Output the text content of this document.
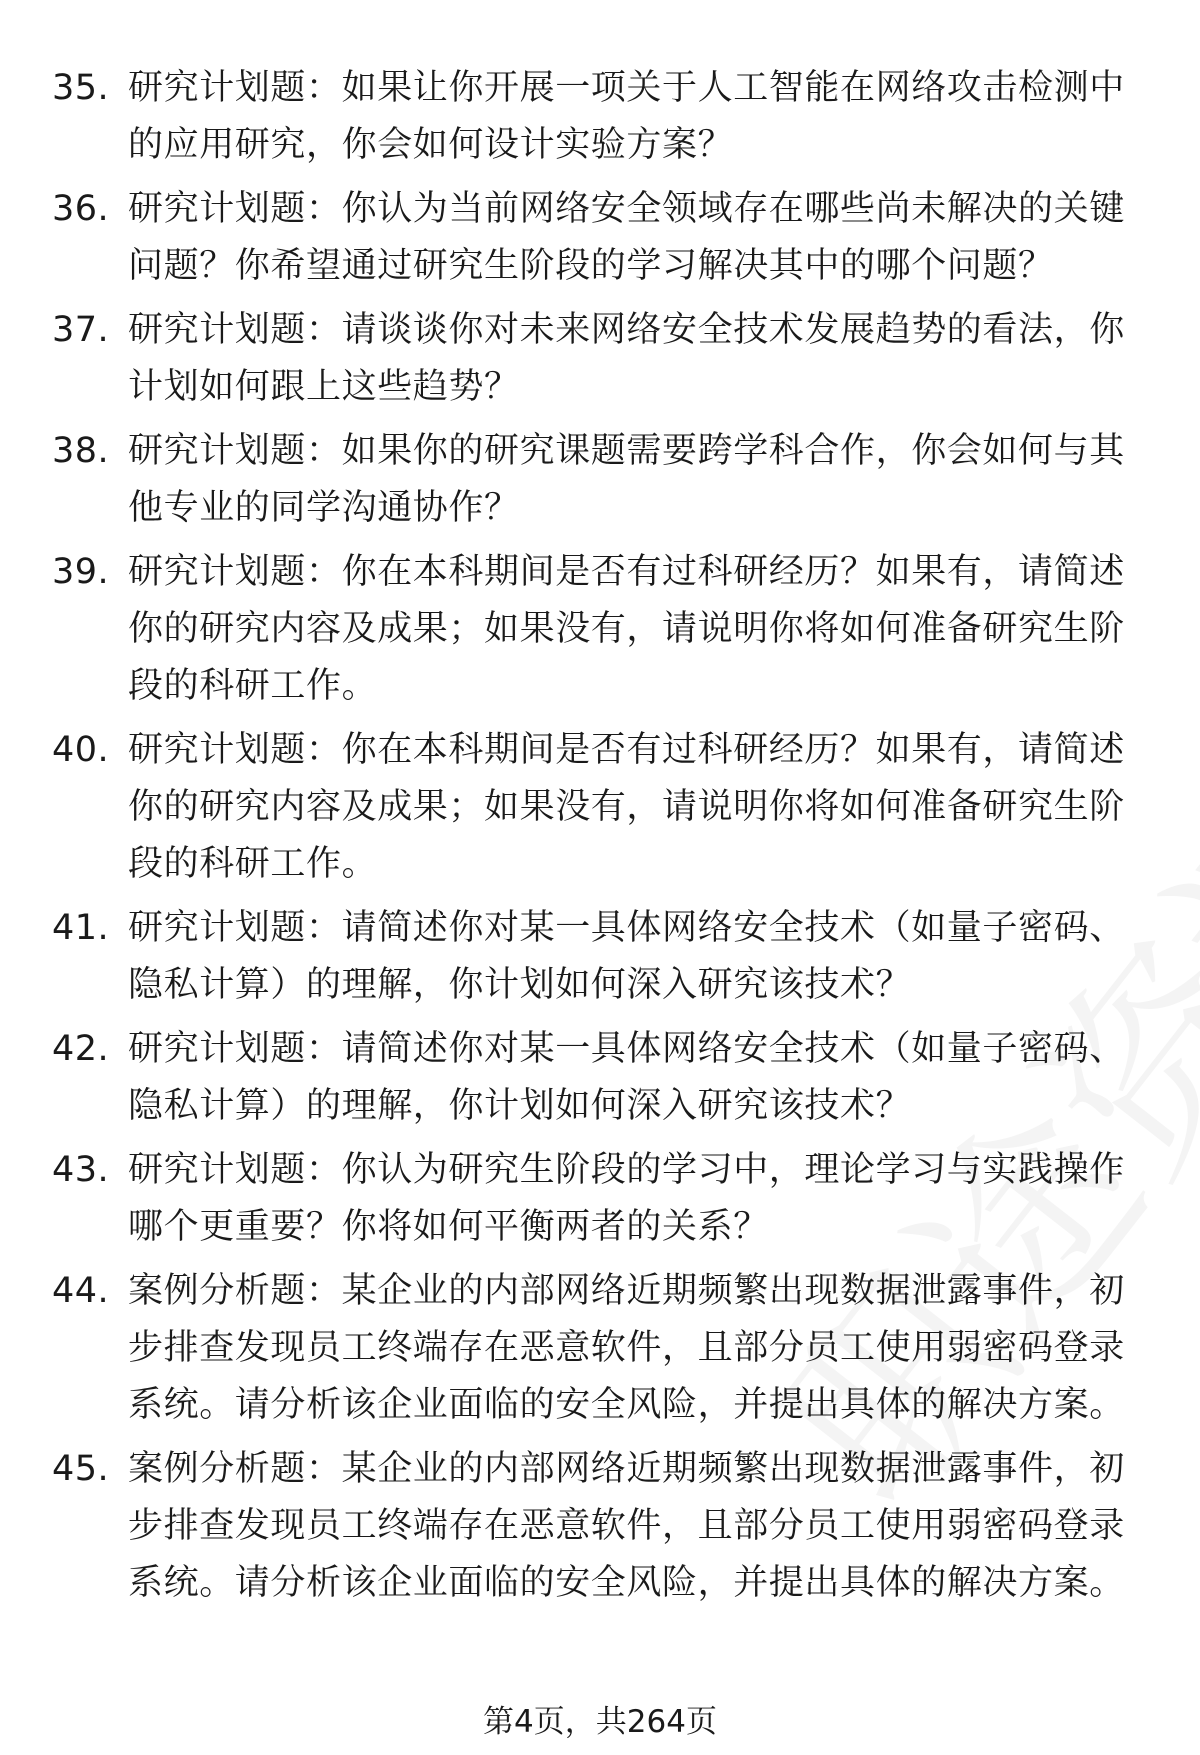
35. 研究计划题：如果让你开展一项关于人工智能在网络攻击检测中的应用研究，你会如何设计实验方案？
36. 研究计划题：你认为当前网络安全领域存在哪些尚未解决的关键问题？你希望通过研究生阶段的学习解决其中的哪个问题？
37. 研究计划题：请谈谈你对未来网络安全技术发展趋势的看法，你计划如何跟上这些趋势？
38. 研究计划题：如果你的研究课题需要跨学科合作，你会如何与其他专业的同学沟通协作？
39. 研究计划题：你在本科期间是否有过科研经历？如果有，请简述你的研究内容及成果；如果没有，请说明你将如何准备研究生阶段的科研工作。
40. 研究计划题：你在本科期间是否有过科研经历？如果有，请简述你的研究内容及成果；如果没有，请说明你将如何准备研究生阶段的科研工作。
41. 研究计划题：请简述你对某一具体网络安全技术（如量子密码、隐私计算）的理解，你计划如何深入研究该技术？
42. 研究计划题：请简述你对某一具体网络安全技术（如量子密码、隐私计算）的理解，你计划如何深入研究该技术？
43. 研究计划题：你认为研究生阶段的学习中，理论学习与实践操作哪个更重要？你将如何平衡两者的关系？
44. 案例分析题：某企业的内部网络近期频繁出现数据泄露事件，初步排查发现员工终端存在恶意软件，且部分员工使用弱密码登录系统。请分析该企业面临的安全风险，并提出具体的解决方案。
45. 案例分析题：某企业的内部网络近期频繁出现数据泄露事件，初步排查发现员工终端存在恶意软件，且部分员工使用弱密码登录系统。请分析该企业面临的安全风险，并提出具体的解决方案。
第4页，共264页
